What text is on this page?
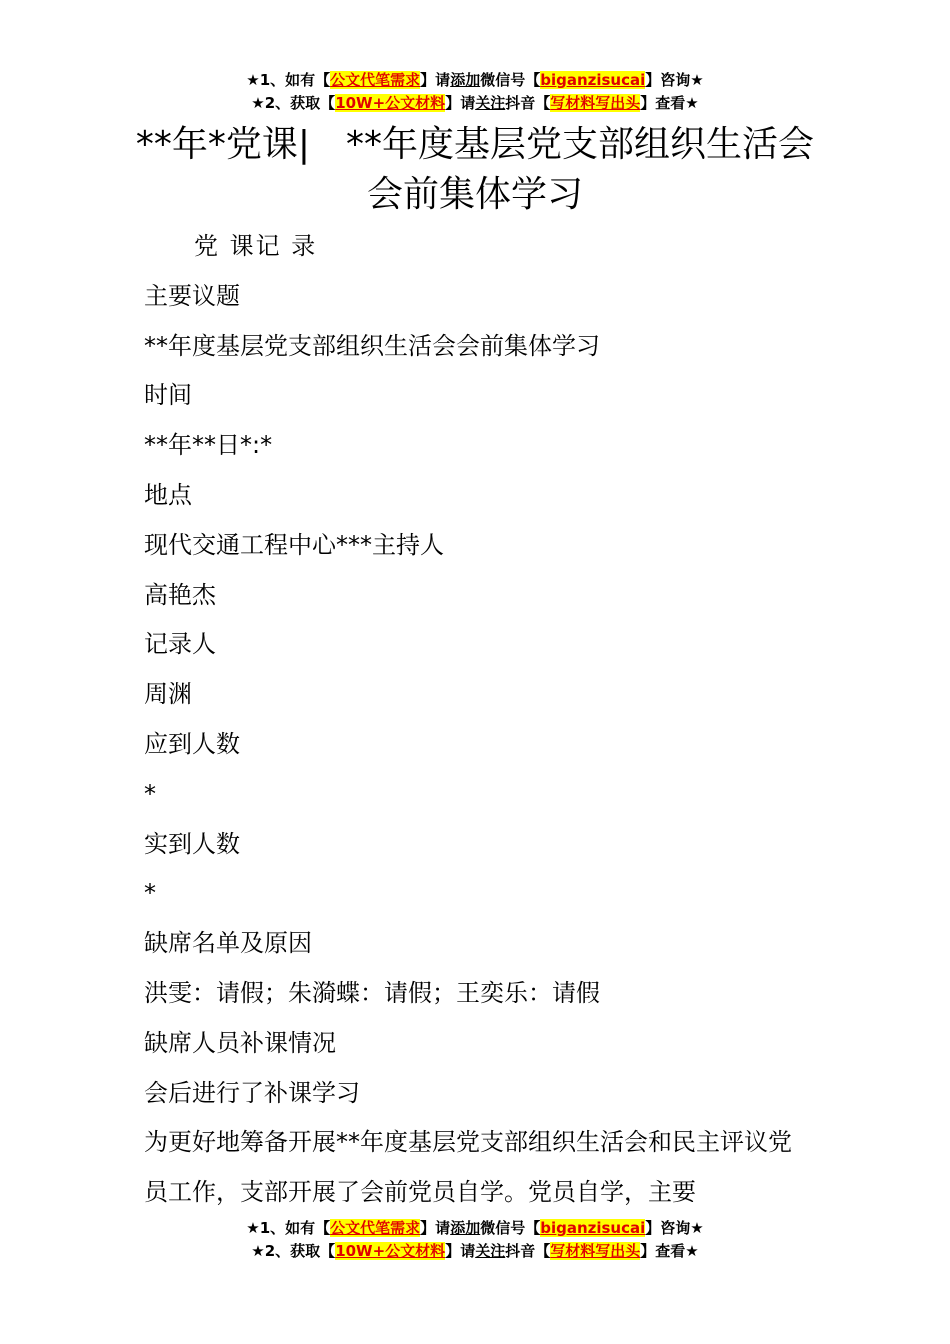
★1、如有【公文代笔需求】请添加微信号【biganzisucai】咨询★
★2、获取【10W+公文材料】请关注抖音【写材料写出头】查看★
**年*党课|　**年度基层党支部组织生活会
会前集体学习
党 课记 录
主要议题
**年度基层党支部组织生活会会前集体学习
时间
**年**日*:*
地点
现代交通工程中心***主持人
高艳杰
记录人
周渊
应到人数
*
实到人数
*
缺席名单及原因
洪雯：请假；朱漪蝶：请假；王奕乐：请假
缺席人员补课情况
会后进行了补课学习
为更好地筹备开展**年度基层党支部组织生活会和民主评议党员工作，支部开展了会前党员自学。党员自学，主要
★1、如有【公文代笔需求】请添加微信号【biganzisucai】咨询★
★2、获取【10W+公文材料】请关注抖音【写材料写出头】查看★
